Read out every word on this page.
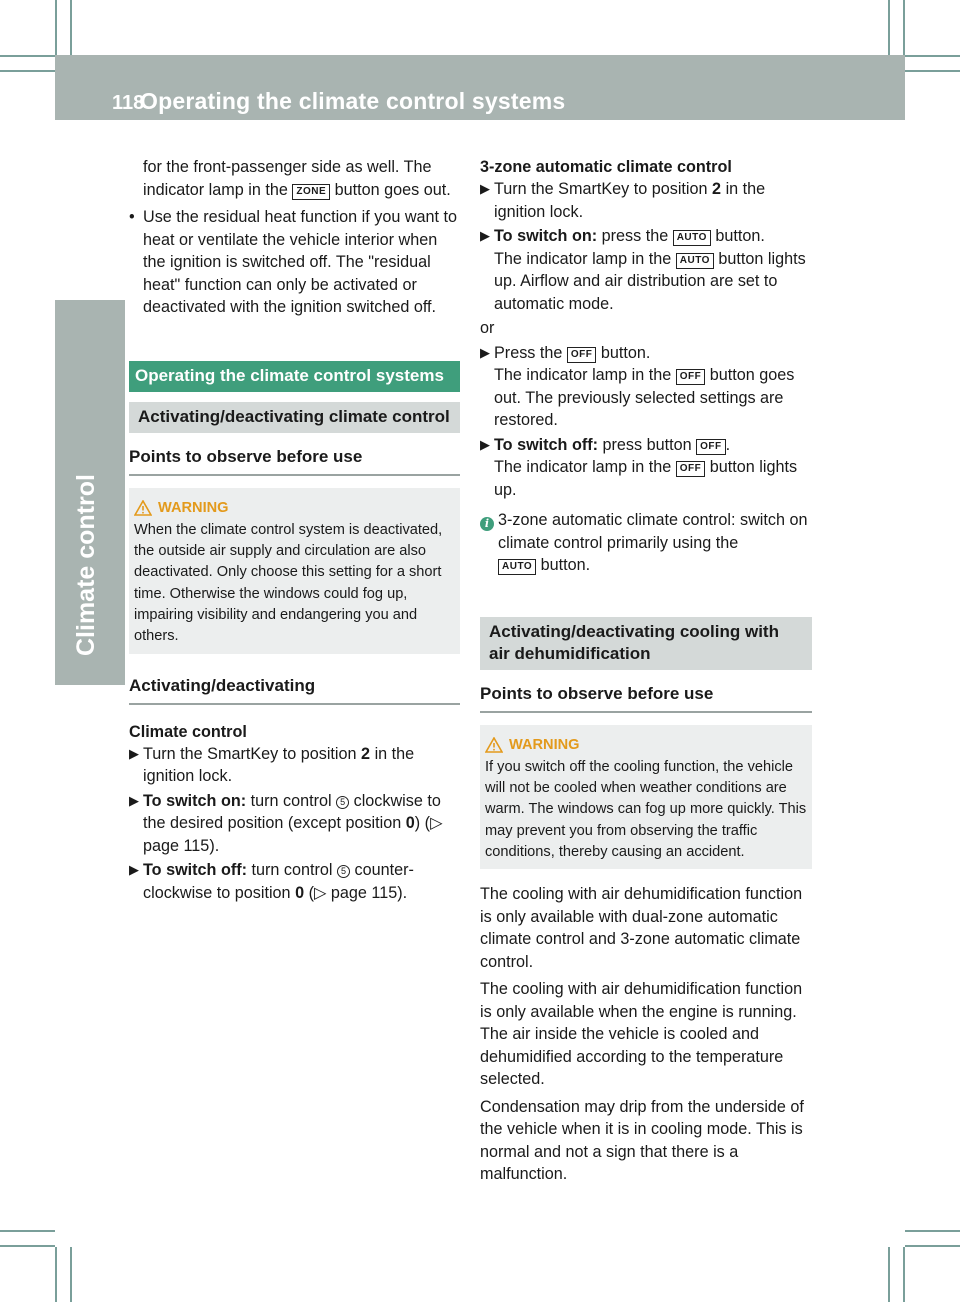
118
Operating the climate control systems
Climate control
for the front-passenger side as well. The
indicator lamp in the ZONE button goes out.
• Use the residual heat function if you want to heat or ventilate the vehicle interior when the ignition is switched off. The "residual heat" function can only be activated or deactivated with the ignition switched off.
Operating the climate control systems
Activating/deactivating climate control
Points to observe before use
WARNING
When the climate control system is deactivated, the outside air supply and circulation are also deactivated. Only choose this setting for a short time. Otherwise the windows could fog up, impairing visibility and endangering you and others.
Activating/deactivating
Climate control
▶ Turn the SmartKey to position 2 in the ignition lock.
▶ To switch on: turn control 5 clockwise to the desired position (except position 0) (▷ page 115).
▶ To switch off: turn control 5 counter-clockwise to position 0 (▷ page 115).
3-zone automatic climate control
▶ Turn the SmartKey to position 2 in the ignition lock.
▶ To switch on: press the AUTO button.
The indicator lamp in the AUTO button lights up. Airflow and air distribution are set to automatic mode.
or
▶ Press the OFF button.
The indicator lamp in the OFF button goes out. The previously selected settings are restored.
▶ To switch off: press button OFF .
The indicator lamp in the OFF button lights up.
i 3-zone automatic climate control: switch on climate control primarily using the
AUTO button.
Activating/deactivating cooling with air dehumidification
Points to observe before use
WARNING
If you switch off the cooling function, the vehicle will not be cooled when weather conditions are warm. The windows can fog up more quickly. This may prevent you from observing the traffic conditions, thereby causing an accident.
The cooling with air dehumidification function is only available with dual-zone automatic climate control and 3-zone automatic climate control.
The cooling with air dehumidification function is only available when the engine is running. The air inside the vehicle is cooled and dehumidified according to the temperature selected.
Condensation may drip from the underside of the vehicle when it is in cooling mode. This is normal and not a sign that there is a malfunction.
